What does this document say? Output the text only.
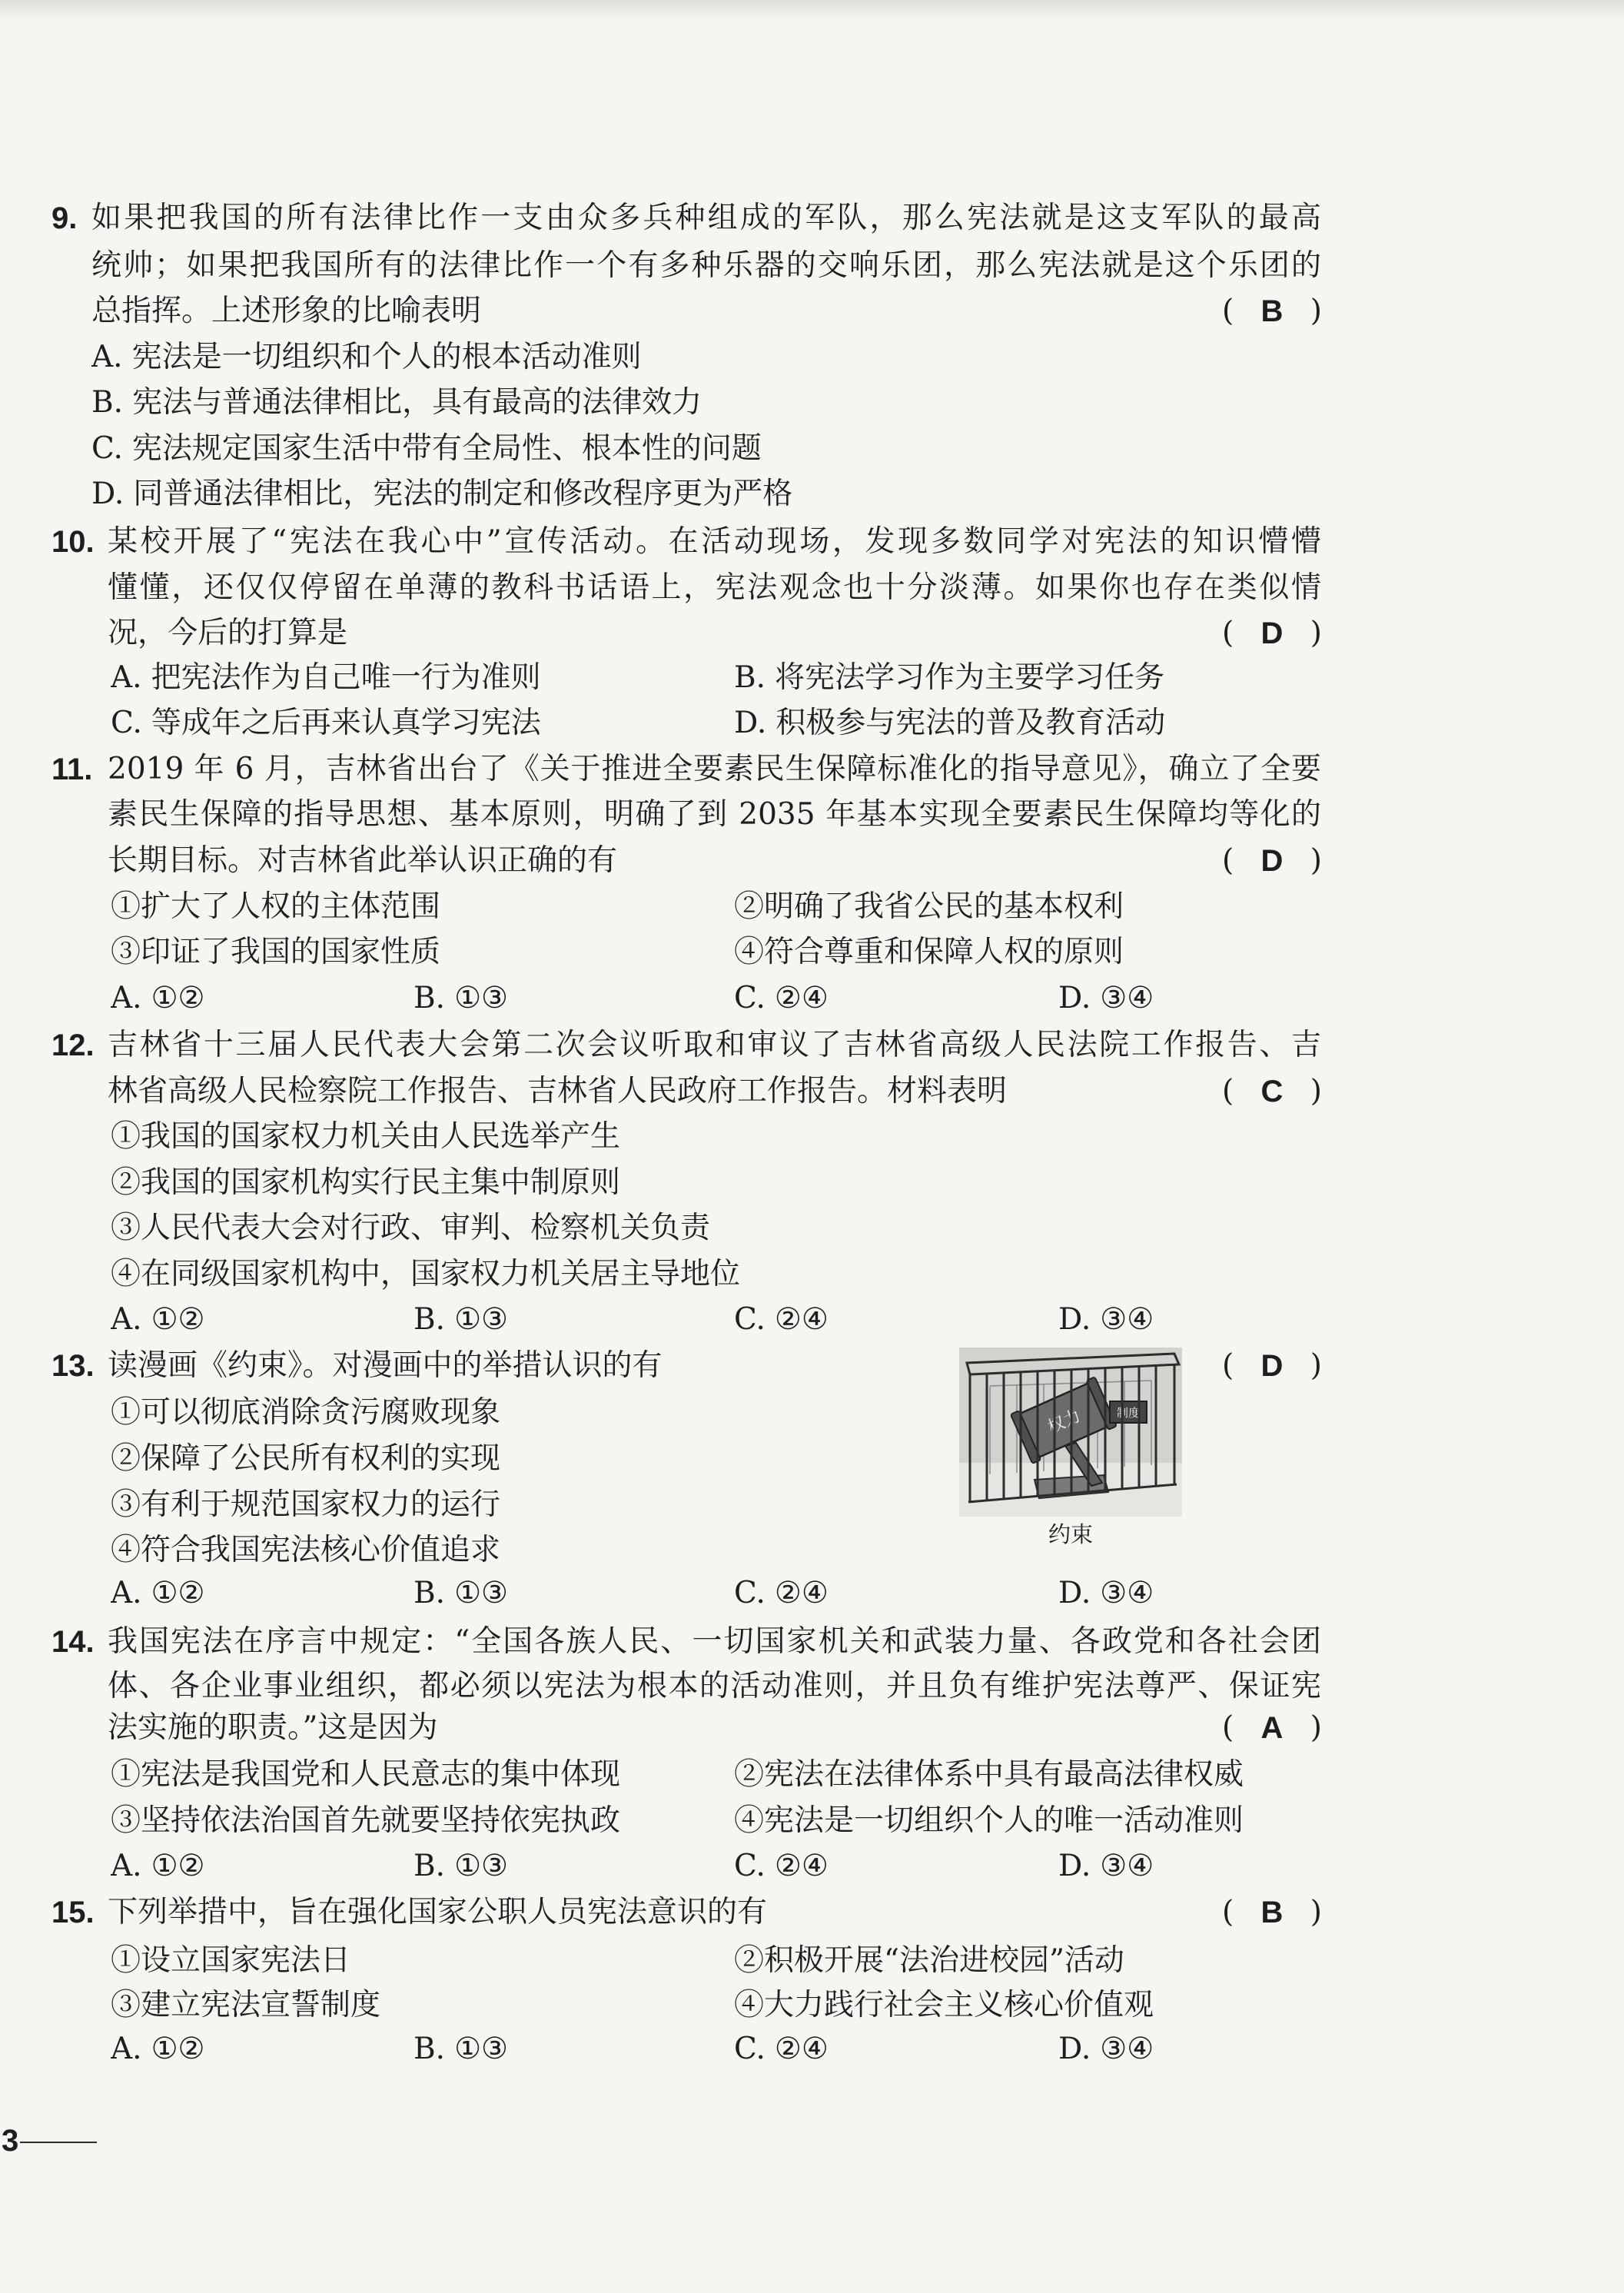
9. 如果把我国的所有法律比作一支由众多兵种组成的军队，那么宪法就是这支军队的最高
统帅；如果把我国所有的法律比作一个有多种乐器的交响乐团，那么宪法就是这个乐团的
总指挥。上述形象的比喻表明	( B )
A. 宪法是一切组织和个人的根本活动准则
B. 宪法与普通法律相比，具有最高的法律效力
C. 宪法规定国家生活中带有全局性、根本性的问题
D. 同普通法律相比，宪法的制定和修改程序更为严格
10. 某校开展了“宪法在我心中”宣传活动。在活动现场，发现多数同学对宪法的知识懵懵
懂懂，还仅仅停留在单薄的教科书话语上，宪法观念也十分淡薄。如果你也存在类似情
况，今后的打算是	( D )
A. 把宪法作为自己唯一行为准则	B. 将宪法学习作为主要学习任务
C. 等成年之后再来认真学习宪法	D. 积极参与宪法的普及教育活动
11. 2019 年 6 月，吉林省出台了《关于推进全要素民生保障标准化的指导意见》，确立了全要
素民生保障的指导思想、基本原则，明确了到 2035 年基本实现全要素民生保障均等化的
长期目标。对吉林省此举认识正确的有	( D )
①扩大了人权的主体范围	②明确了我省公民的基本权利
③印证了我国的国家性质	④符合尊重和保障人权的原则
A. ①②	B. ①③	C. ②④	D. ③④
12. 吉林省十三届人民代表大会第二次会议听取和审议了吉林省高级人民法院工作报告、吉
林省高级人民检察院工作报告、吉林省人民政府工作报告。材料表明	( C )
①我国的国家权力机关由人民选举产生
②我国的国家机构实行民主集中制原则
③人民代表大会对行政、审判、检察机关负责
④在同级国家机构中，国家权力机关居主导地位
A. ①②	B. ①③	C. ②④	D. ③④
13. 读漫画《约束》。对漫画中的举措认识的有	( D )
①可以彻底消除贪污腐败现象
②保障了公民所有权利的实现
③有利于规范国家权力的运行
④符合我国宪法核心价值追求
A. ①②	B. ①③	C. ②④	D. ③④
权力	制度
约束
14. 我国宪法在序言中规定：“全国各族人民、一切国家机关和武装力量、各政党和各社会团
体、各企业事业组织，都必须以宪法为根本的活动准则，并且负有维护宪法尊严、保证宪
法实施的职责。”这是因为	( A )
①宪法是我国党和人民意志的集中体现	②宪法在法律体系中具有最高法律权威
③坚持依法治国首先就要坚持依宪执政	④宪法是一切组织个人的唯一活动准则
A. ①②	B. ①③	C. ②④	D. ③④
15. 下列举措中，旨在强化国家公职人员宪法意识的有	( B )
①设立国家宪法日	②积极开展“法治进校园”活动
③建立宪法宣誓制度	④大力践行社会主义核心价值观
A. ①②	B. ①③	C. ②④	D. ③④
3
